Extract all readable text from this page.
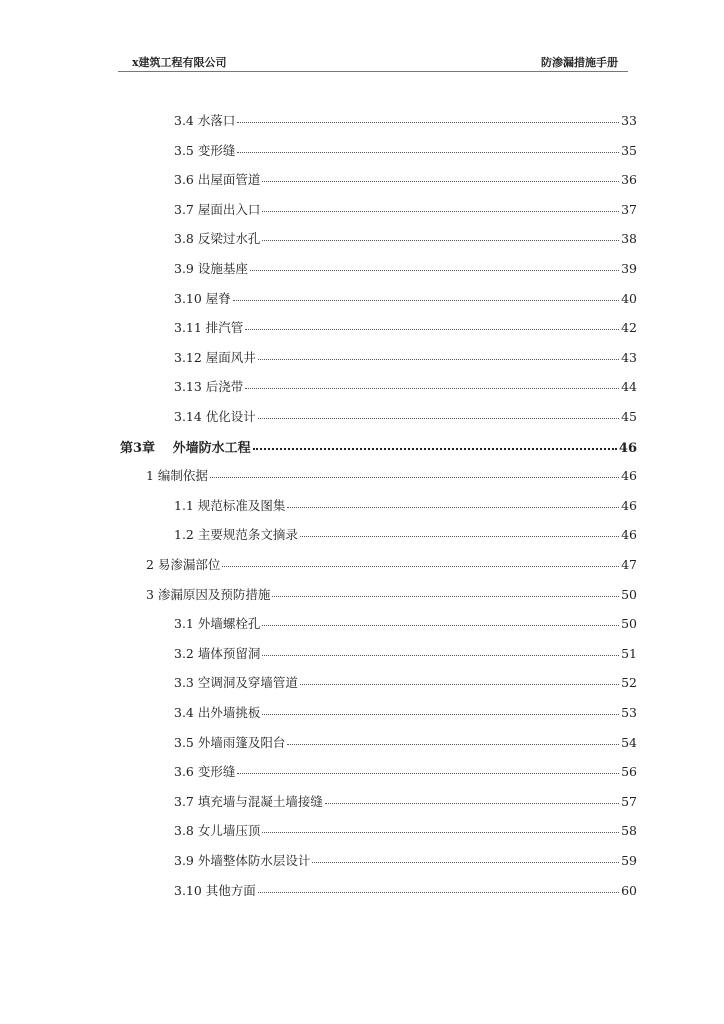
x建筑工程有限公司	防渗漏措施手册
3.4 水落口	33
3.5 变形缝	35
3.6 出屋面管道	36
3.7 屋面出入口	37
3.8 反梁过水孔	38
3.9 设施基座	39
3.10 屋脊	40
3.11 排汽管	42
3.12 屋面风井	43
3.13 后浇带	44
3.14 优化设计	45
第3章　 外墙防水工程	46
1 编制依据	46
1.1 规范标准及图集	46
1.2 主要规范条文摘录	46
2 易渗漏部位	47
3 渗漏原因及预防措施	50
3.1 外墙螺栓孔	50
3.2 墙体预留洞	51
3.3 空调洞及穿墙管道	52
3.4 出外墙挑板	53
3.5 外墙雨篷及阳台	54
3.6 变形缝	56
3.7 填充墙与混凝土墙接缝	57
3.8 女儿墙压顶	58
3.9 外墙整体防水层设计	59
3.10 其他方面	60
